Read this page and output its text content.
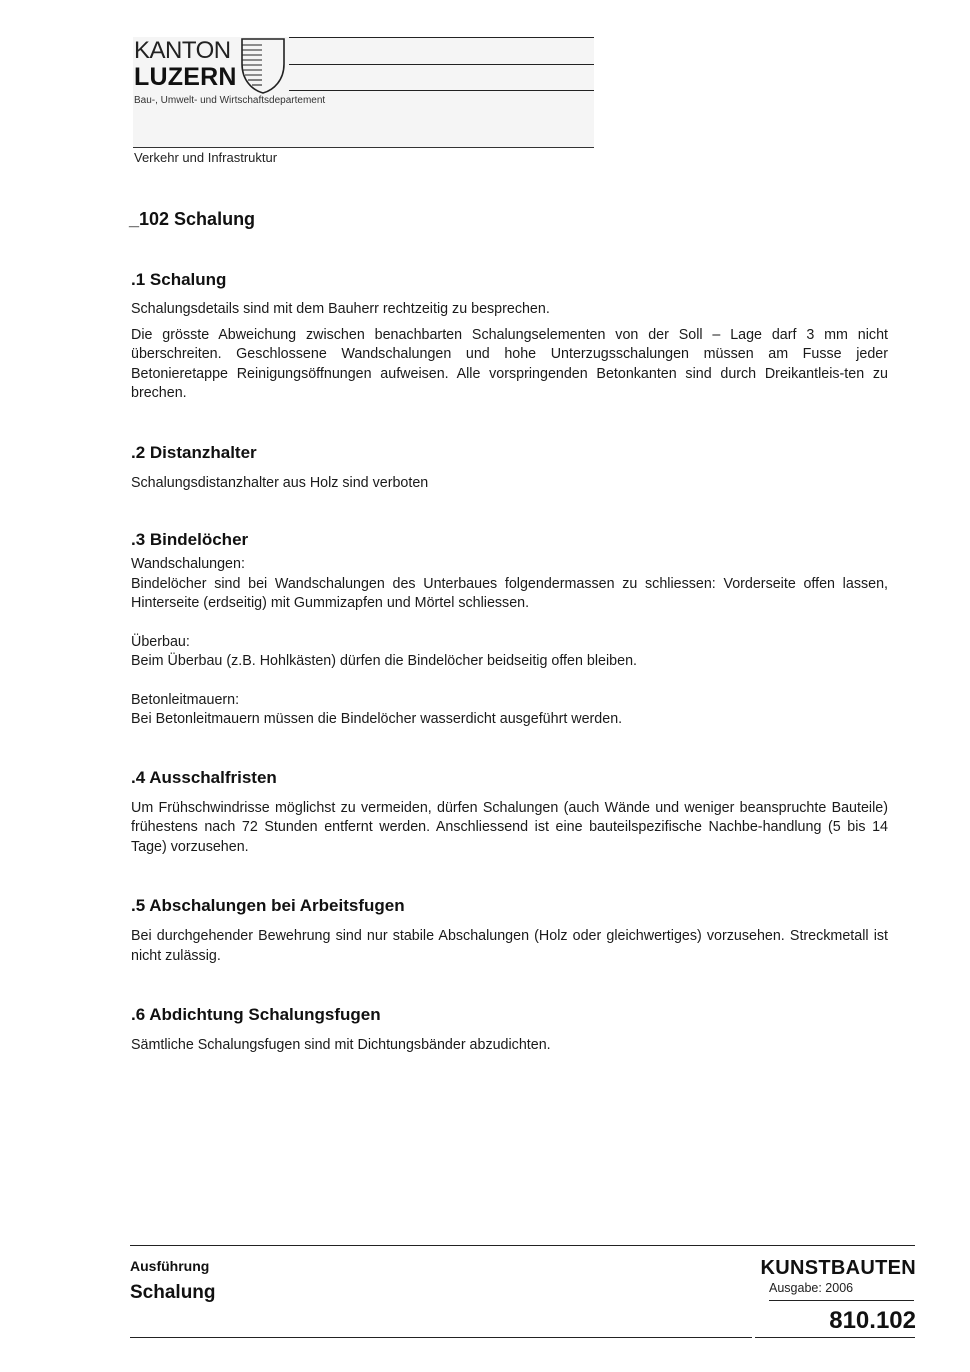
KANTON
LUZERN
Bau-, Umwelt- und Wirtschaftsdepartement
Verkehr und Infrastruktur
_102 Schalung
.1 Schalung

Schalungsdetails sind mit dem Bauherr rechtzeitig zu besprechen.

Die grösste Abweichung zwischen benachbarten Schalungselementen von der Soll – Lage darf 3 mm nicht überschreiten. Geschlossene Wandschalungen und hohe Unterzugsschalungen müssen am Fusse jeder Betonieretappe Reinigungsöffnungen aufweisen. Alle vorspringenden Betonkanten sind durch Dreikantleis-ten zu brechen.

.2 Distanzhalter

Schalungsdistanzhalter aus Holz sind verboten

.3 Bindelöcher

Wandschalungen:

Bindelöcher sind bei Wandschalungen des Unterbaues folgendermassen zu schliessen: Vorderseite offen lassen, Hinterseite (erdseitig) mit Gummizapfen und Mörtel schliessen.

Überbau:

Beim Überbau (z.B. Hohlkästen) dürfen die Bindelöcher beidseitig offen bleiben.

Betonleitmauern:

Bei Betonleitmauern müssen die Bindelöcher wasserdicht ausgeführt werden.

.4 Ausschalfristen

Um Frühschwindrisse möglichst zu vermeiden, dürfen Schalungen (auch Wände und weniger beanspruchte Bauteile) frühestens nach 72 Stunden entfernt werden. Anschliessend ist eine bauteilspezifische Nachbe-handlung (5 bis 14 Tage) vorzusehen.

.5 Abschalungen bei Arbeitsfugen

Bei durchgehender Bewehrung sind nur stabile Abschalungen (Holz oder gleichwertiges) vorzusehen. Streckmetall ist nicht zulässig.

.6 Abdichtung Schalungsfugen

Sämtliche Schalungsfugen sind mit Dichtungsbänder abzudichten.

Ausführung
Schalung
KUNSTBAUTEN
Ausgabe: 2006
810.102
